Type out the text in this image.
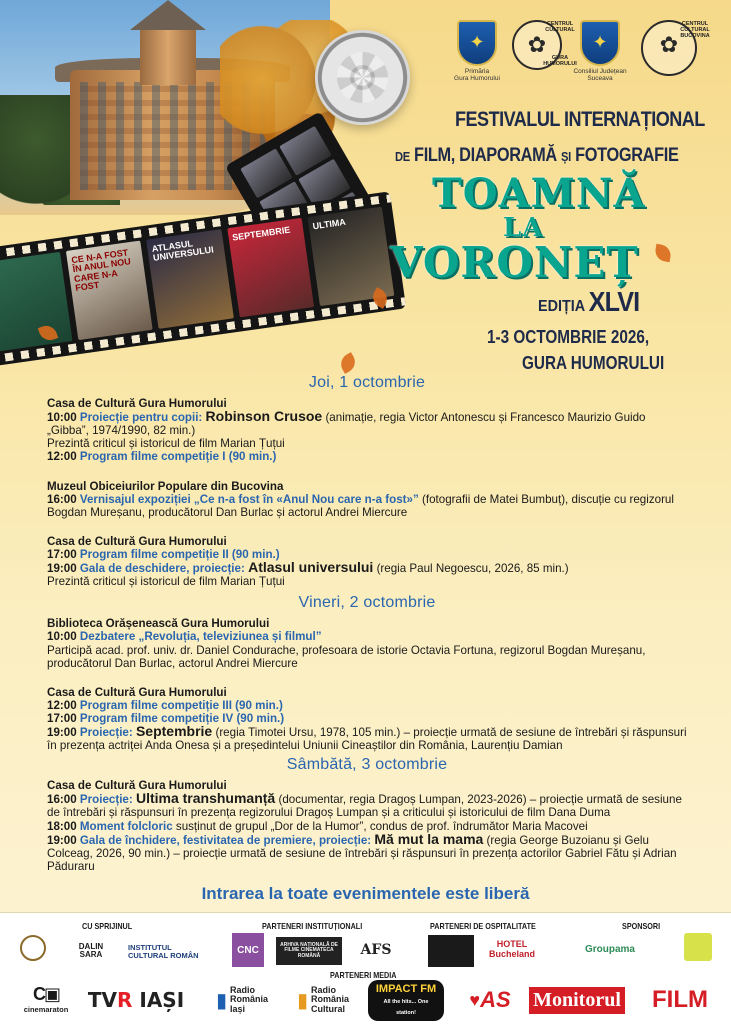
CE N-A FOST ÎN ANUL NOU CARE N-A FOST
ATLASUL UNIVERSULUI
SEPTEMBRIE
ULTIMA
✦
Primăria
Gura Humorului
CENTRUL CULTURAL
GURA HUMORULUI
✿
✦
Consiliul Județean
Suceava
CENTRUL CULTURAL BUCOVINA
✿
FESTIVALUL INTERNAȚIONAL
DE FILM, DIAPORAMĂ ȘI FOTOGRAFIE
TOAMNĂ
LA
VORONEȚ
EDIȚIA XLVI
1-3 OCTOMBRIE 2026,
GURA HUMORULUI
Joi, 1 octombrie
Casa de Cultură Gura Humorului

10:00 Proiecție pentru copii: Robinson Crusoe (animație, regia Victor Antonescu și Francesco Maurizio Guido „Gibba”, 1974/1990, 82 min.)

Prezintă criticul și istoricul de film Marian Țuțui

12:00 Program filme competiție I (90 min.)

Muzeul Obiceiurilor Populare din Bucovina

16:00 Vernisajul expoziției „Ce n-a fost în «Anul Nou care n-a fost»” (fotografii de Matei Bumbuț), discuție cu regizorul Bogdan Mureșanu, producătorul Dan Burlac și actorul Andrei Miercure

Casa de Cultură Gura Humorului

17:00 Program filme competiție II (90 min.)

19:00 Gala de deschidere, proiecție: Atlasul universului (regia Paul Negoescu, 2026, 85 min.)

Prezintă criticul și istoricul de film Marian Țuțui

Vineri, 2 octombrie
Biblioteca Orășenească Gura Humorului

10:00 Dezbatere „Revoluția, televiziunea și filmul”

Participă acad. prof. univ. dr. Daniel Condurache, profesoara de istorie Octavia Fortuna, regizorul Bogdan Mureșanu, producătorul Dan Burlac, actorul Andrei Miercure

Casa de Cultură Gura Humorului

12:00 Program filme competiție III (90 min.)

17:00 Program filme competiție IV (90 min.)

19:00 Proiecție: Septembrie (regia Timotei Ursu, 1978, 105 min.) – proiecție urmată de sesiune de întrebări și răspunsuri în prezența actriței Anda Onesa și a președintelui Uniunii Cineaștilor din România, Laurențiu Damian

Sâmbătă, 3 octombrie
Casa de Cultură Gura Humorului

16:00 Proiecție: Ultima transhumanță (documentar, regia Dragoș Lumpan, 2023-2026) – proiecție urmată de sesiune de întrebări și răspunsuri în prezența regizorului Dragoș Lumpan și a criticului și istoricului de film Dana Duma

18:00 Moment folcloric susținut de grupul „Dor de la Humor”, condus de prof. îndrumător Maria Macovei

19:00 Gala de închidere, festivitatea de premiere, proiecție: Mă mut la mama (regia George Buzoianu și Gelu Colceag, 2026, 90 min.) – proiecție urmată de sesiune de întrebări și răspunsuri în prezența actorilor Gabriel Fătu și Adrian Păduraru

Intrarea la toate evenimentele este liberă
CU SPRIJINUL	PARTENERI INSTITUȚIONALI	PARTENERI DE OSPITALITATE	SPONSORI
DALIN SARA
INSTITUTUL CULTURAL ROMÂN	CNC	ARHIVA NAȚIONALĂ DE FILME CINEMATECA ROMÂNĂ	AFS	HOTEL Bucheland	Groupama
PARTENERI MEDIA
C▣
cinemaraton TV R
IAȘI ▮ Radio
România
Iași	▮ Radio
România
Cultural
IMPACT FM
All the hits... One station!
♥ AS Monitorul	FILM
